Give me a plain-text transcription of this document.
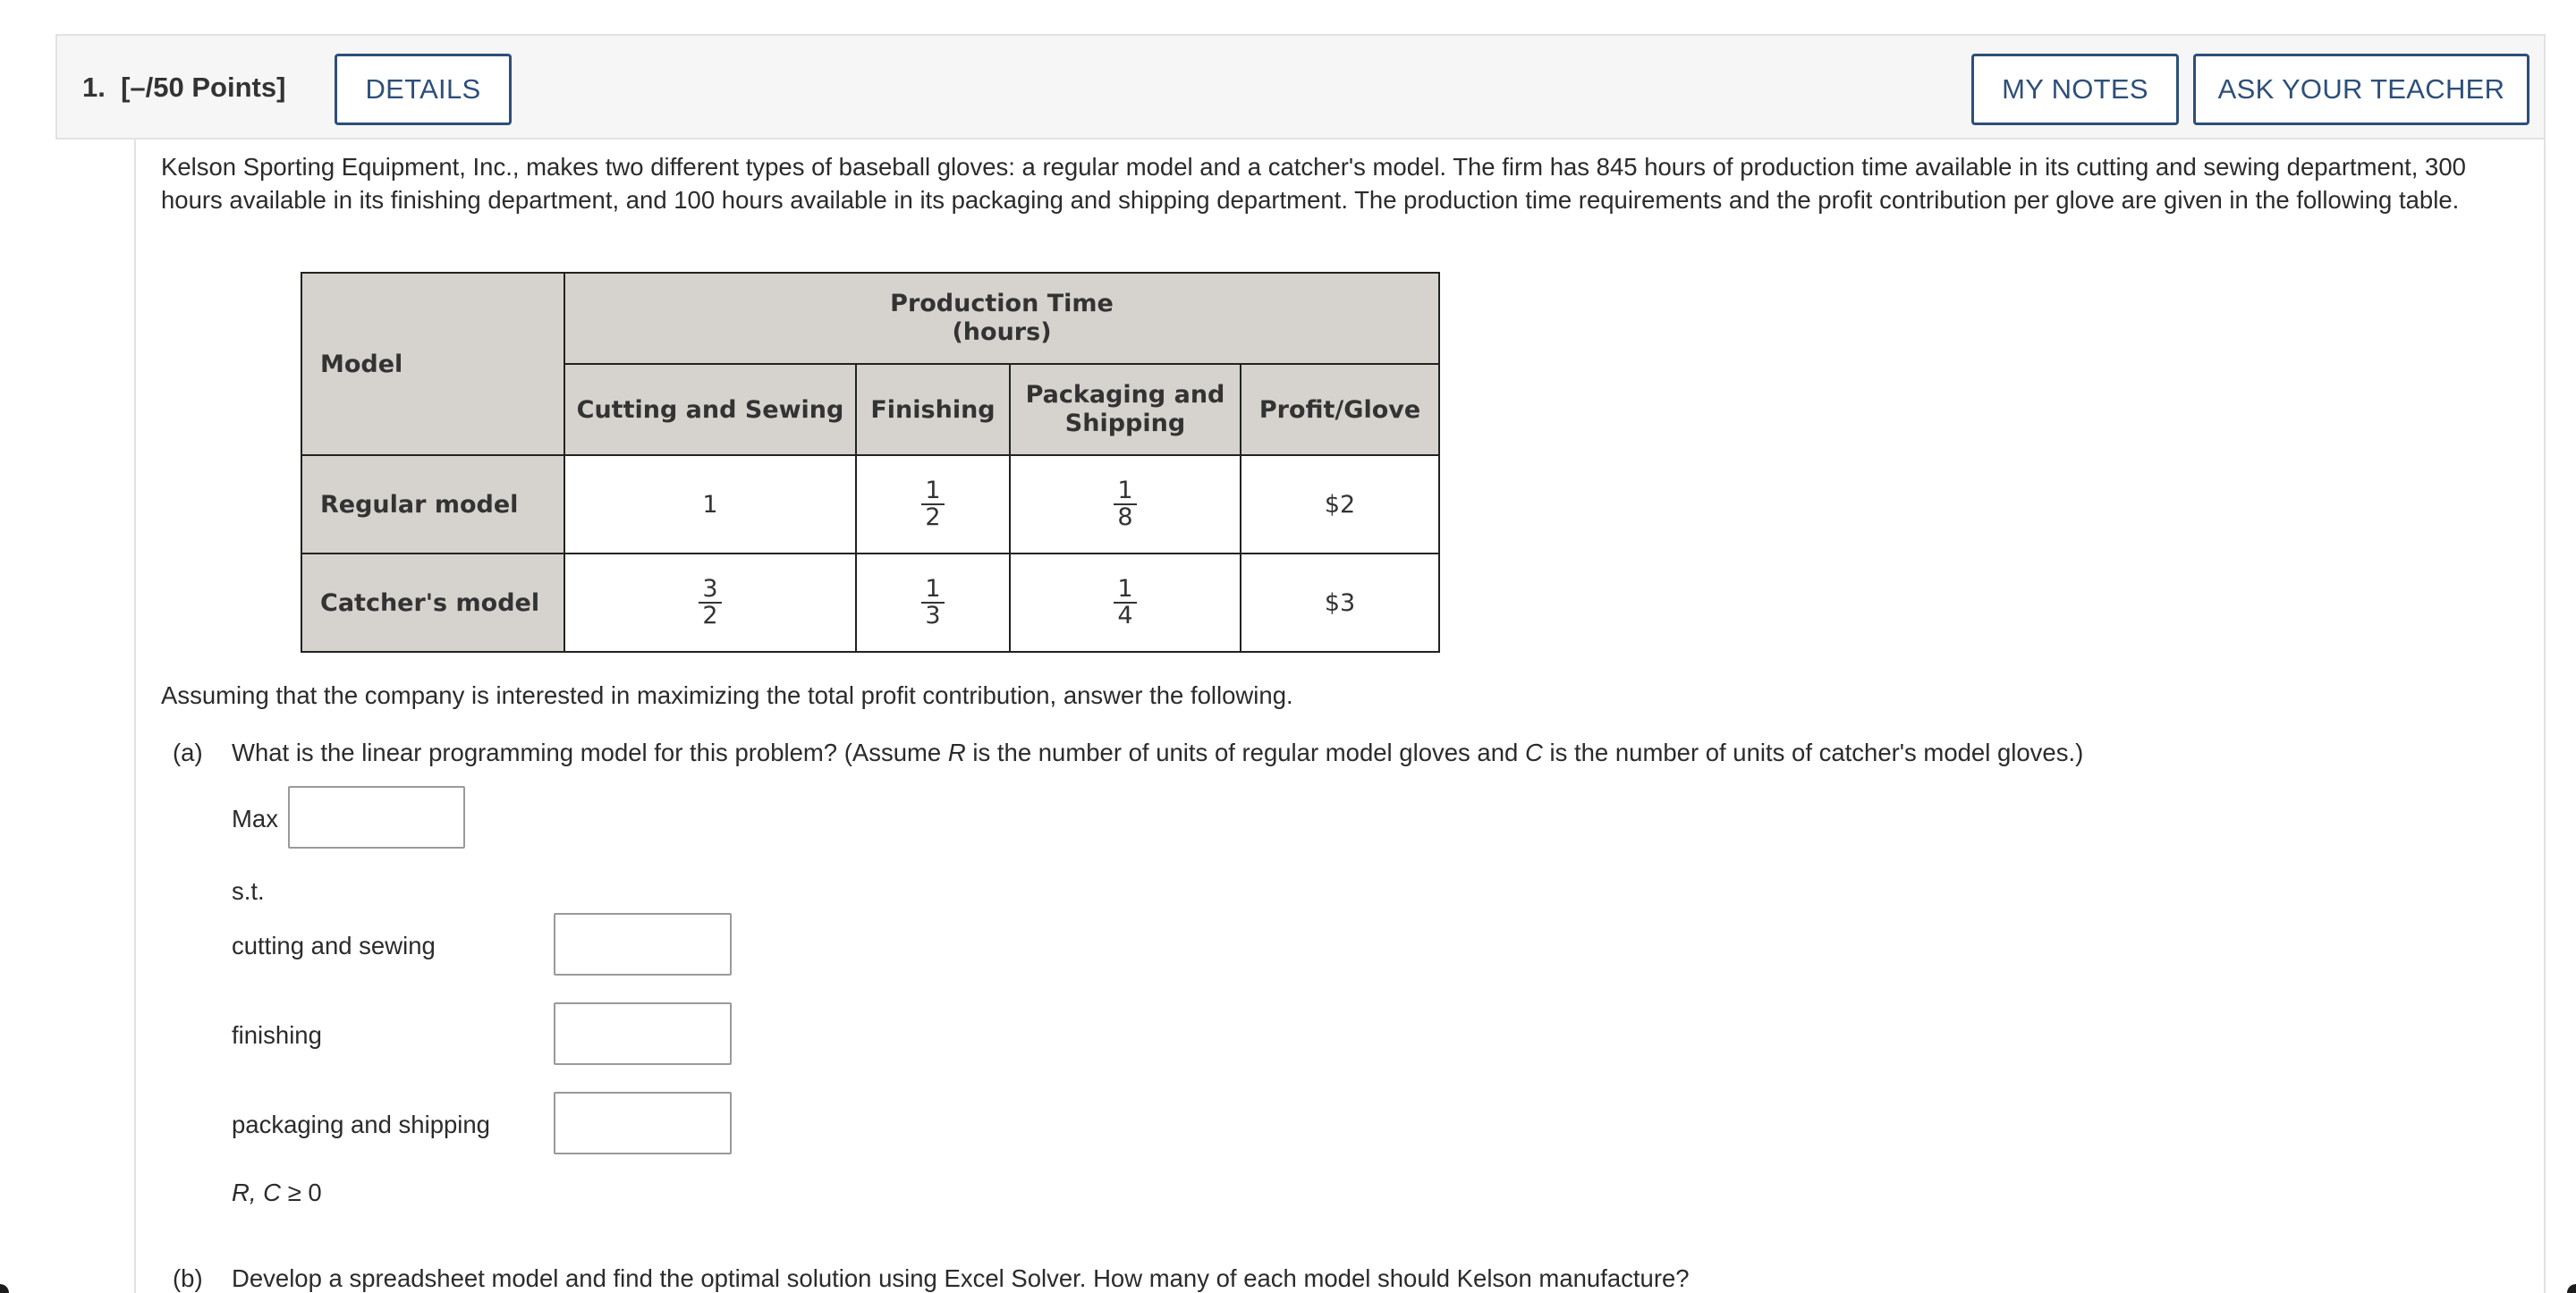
1. [–/50 Points]	DETAILS	MY NOTES	ASK YOUR TEACHER
Kelson Sporting Equipment, Inc., makes two different types of baseball gloves: a regular model and a catcher's model. The firm has 845 hours of production time available in its cutting and sewing department, 300 hours available in its finishing department, and 100 hours available in its packaging and shipping department. The production time requirements and the profit contribution per glove are given in the following table.
Model	Production Time
(hours)			
	Cutting and Sewing	Finishing	Packaging and
Shipping	Profit/Glove
Regular model	1	$\frac{1}{2}$	$\frac{1}{8}$	$2
Catcher's model	$\frac{3}{2}$	$\frac{1}{3}$	$\frac{1}{4}$	$3
Assuming that the company is interested in maximizing the total profit contribution, answer the following.
(a) What is the linear programming model for this problem? (Assume R is the number of units of regular model gloves and C is the number of units of catcher's model gloves.)
Max
s.t.
cutting and sewing
finishing
packaging and shipping
R, C ≥ 0
(b) Develop a spreadsheet model and find the optimal solution using Excel Solver. How many of each model should Kelson manufacture?
